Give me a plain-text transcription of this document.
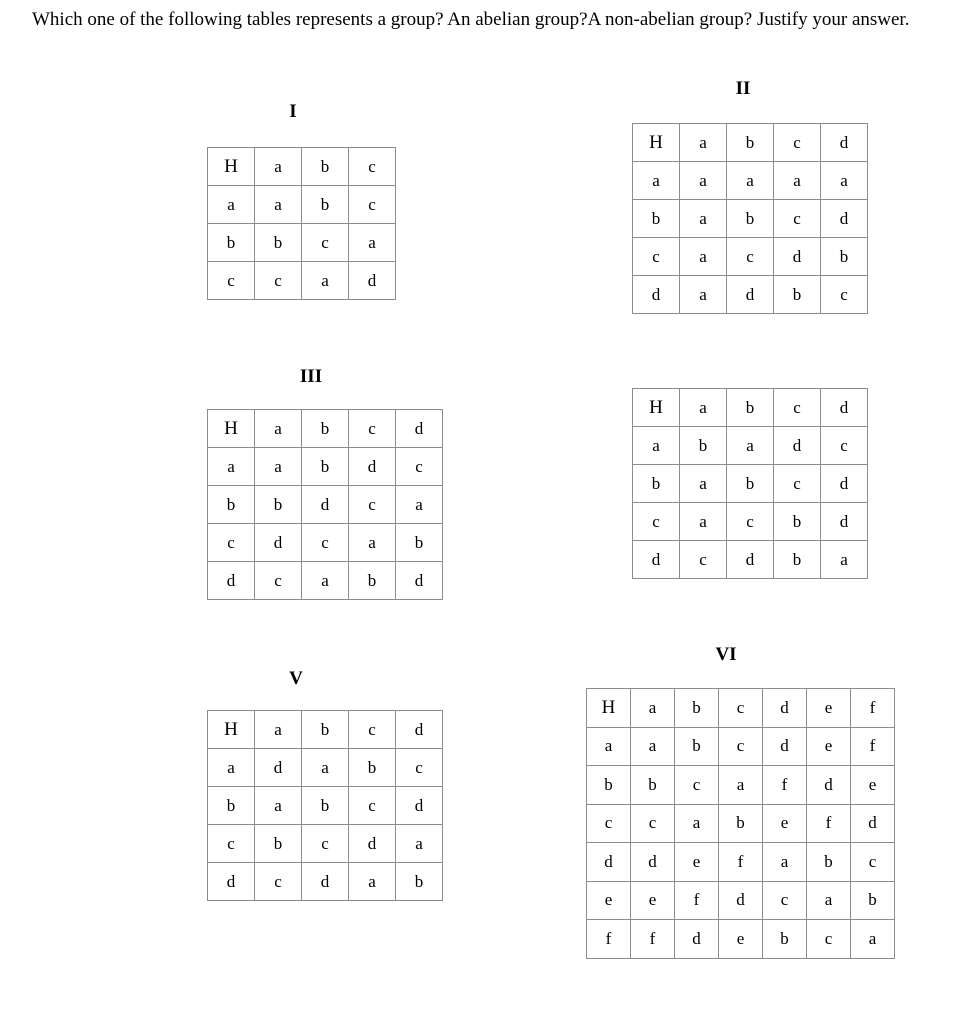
Which one of the following tables represents a group? An abelian group?A non-abelian group? Justify your answer.

I
H	a	b	c
a	a	b	c
b	b	c	a
c	c	a	d
II
H	a	b	c	d
a	a	a	a	a
b	a	b	c	d
c	a	c	d	b
d	a	d	b	c
III
H	a	b	c	d
a	a	b	d	c
b	b	d	c	a
c	d	c	a	b
d	c	a	b	d
H	a	b	c	d
a	b	a	d	c
b	a	b	c	d
c	a	c	b	d
d	c	d	b	a
V
H	a	b	c	d
a	d	a	b	c
b	a	b	c	d
c	b	c	d	a
d	c	d	a	b
VI
H	a	b	c	d	e	f
a	a	b	c	d	e	f
b	b	c	a	f	d	e
c	c	a	b	e	f	d
d	d	e	f	a	b	c
e	e	f	d	c	a	b
f	f	d	e	b	c	a
